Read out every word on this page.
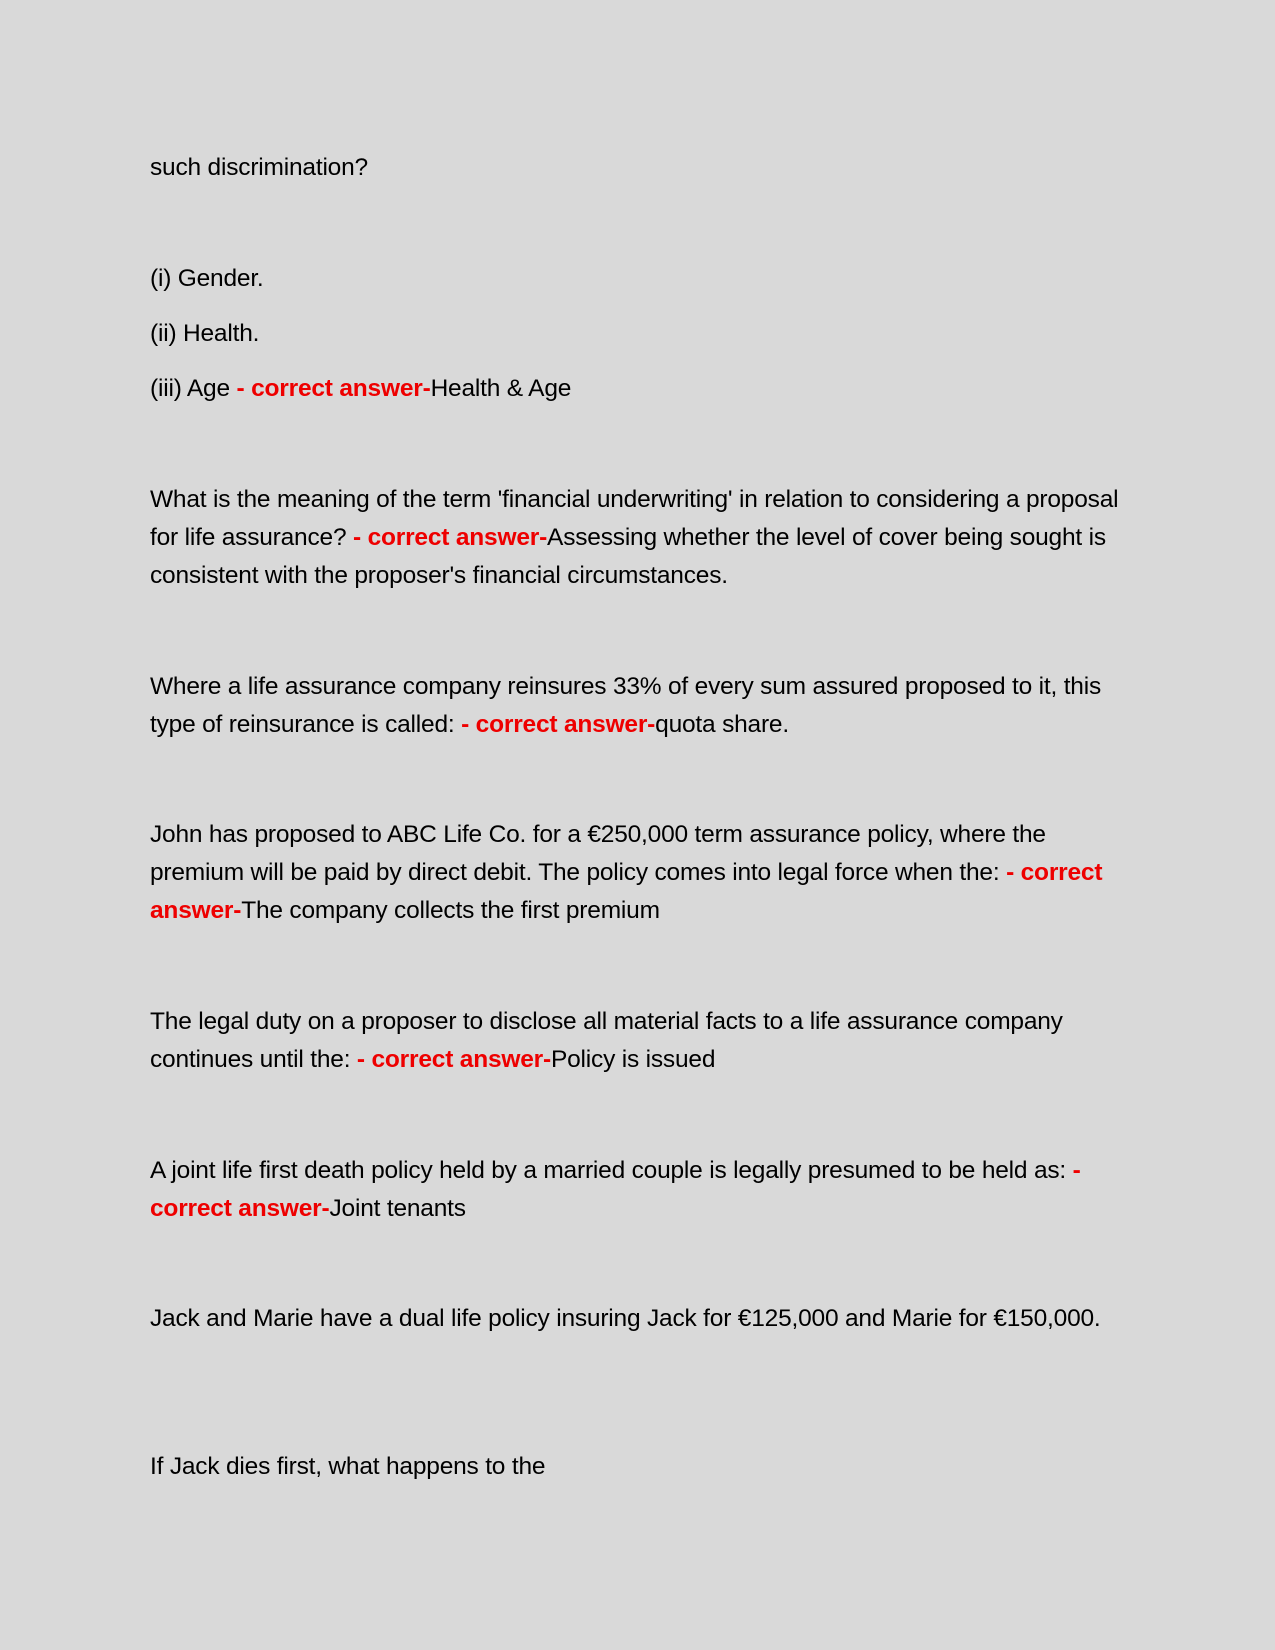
such discrimination?

(i) Gender.

(ii) Health.

(iii) Age - correct answer-Health & Age

What is the meaning of the term 'financial underwriting' in relation to considering a proposal for life assurance? - correct answer-Assessing whether the level of cover being sought is consistent with the proposer's financial circumstances.

Where a life assurance company reinsures 33% of every sum assured proposed to it, this type of reinsurance is called: - correct answer-quota share.

John has proposed to ABC Life Co. for a €250,000 term assurance policy, where the premium will be paid by direct debit. The policy comes into legal force when the: - correct answer-The company collects the first premium

The legal duty on a proposer to disclose all material facts to a life assurance company continues until the: - correct answer-Policy is issued

A joint life first death policy held by a married couple is legally presumed to be held as: - correct answer-Joint tenants

Jack and Marie have a dual life policy insuring Jack for €125,000 and Marie for €150,000.

If Jack dies first, what happens to the
